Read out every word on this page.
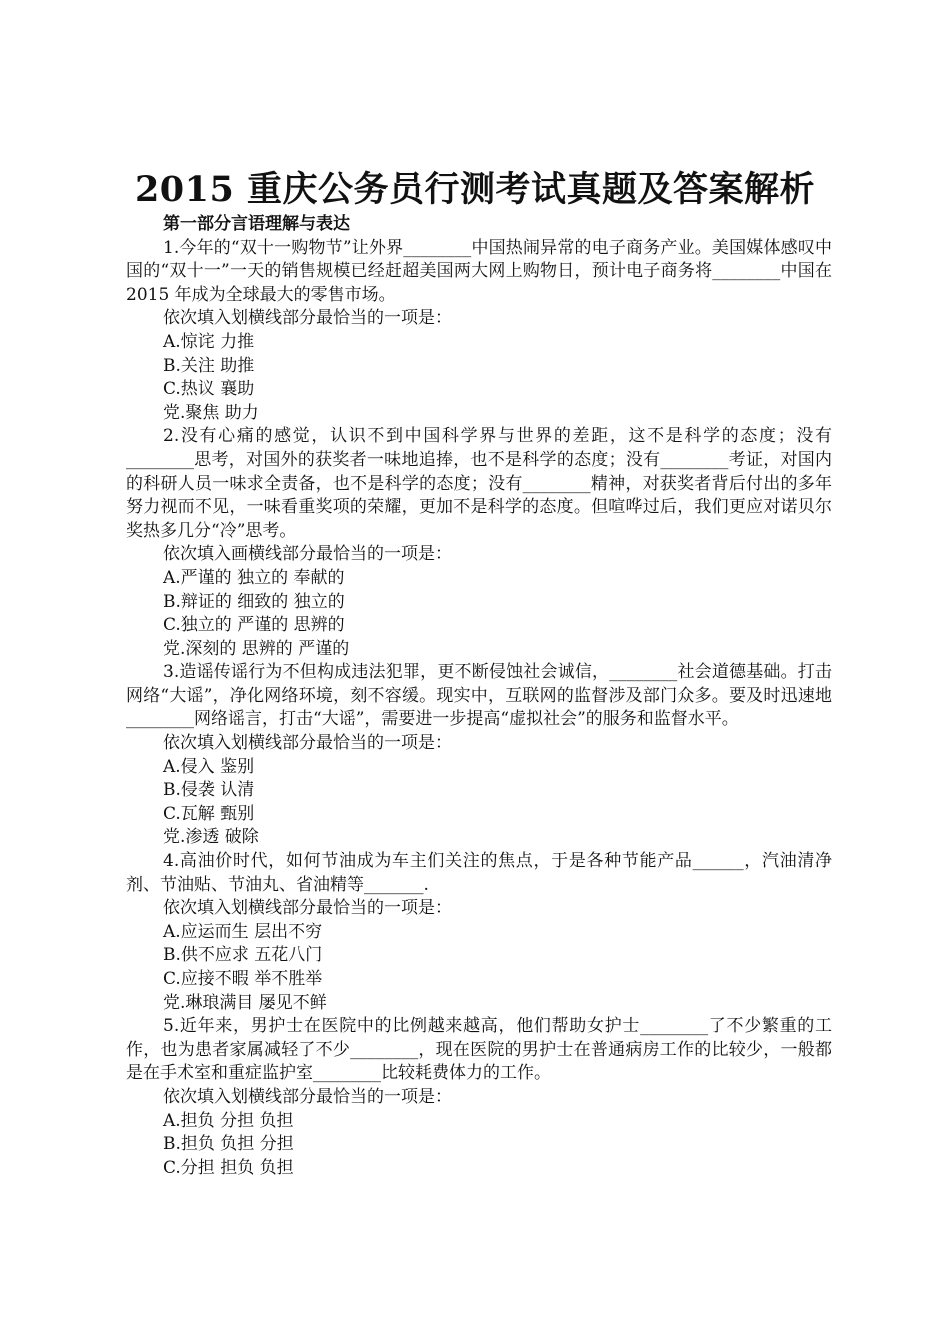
2015 重庆公务员行测考试真题及答案解析

第一部分言语理解与表达

1.今年的“双十一购物节”让外界________中国热闹异常的电子商务产业。美国媒体感叹中国的“双十一”一天的销售规模已经赶超美国两大网上购物日，预计电子商务将________中国在 2015 年成为全球最大的零售市场。

依次填入划横线部分最恰当的一项是：

A.惊诧 力推
B.关注 助推
C.热议 襄助
党.聚焦 助力

2.没有心痛的感觉，认识不到中国科学界与世界的差距，这不是科学的态度；没有________思考，对国外的获奖者一味地追捧，也不是科学的态度；没有________考证，对国内的科研人员一味求全责备，也不是科学的态度；没有________精神，对获奖者背后付出的多年努力视而不见，一味看重奖项的荣耀，更加不是科学的态度。但喧哗过后，我们更应对诺贝尔奖热多几分“冷”思考。

依次填入画横线部分最恰当的一项是：

A.严谨的 独立的 奉献的
B.辩证的 细致的 独立的
C.独立的 严谨的 思辨的
党.深刻的 思辨的 严谨的

3.造谣传谣行为不但构成违法犯罪，更不断侵蚀社会诚信，________社会道德基础。打击网络“大谣”，净化网络环境，刻不容缓。现实中，互联网的监督涉及部门众多。要及时迅速地________网络谣言，打击“大谣”，需要进一步提高“虚拟社会”的服务和监督水平。

依次填入划横线部分最恰当的一项是：

A.侵入 鉴别
B.侵袭 认清
C.瓦解 甄别
党.渗透 破除

4.高油价时代，如何节油成为车主们关注的焦点，于是各种节能产品______，汽油清净剂、节油贴、节油丸、省油精等_______.

依次填入划横线部分最恰当的一项是：

A.应运而生 层出不穷
B.供不应求 五花八门
C.应接不暇 举不胜举
党.琳琅满目 屡见不鲜

5.近年来，男护士在医院中的比例越来越高，他们帮助女护士________了不少繁重的工作，也为患者家属减轻了不少________，现在医院的男护士在普通病房工作的比较少，一般都是在手术室和重症监护室________比较耗费体力的工作。

依次填入划横线部分最恰当的一项是：

A.担负 分担 负担
B.担负 负担 分担
C.分担 担负 负担
